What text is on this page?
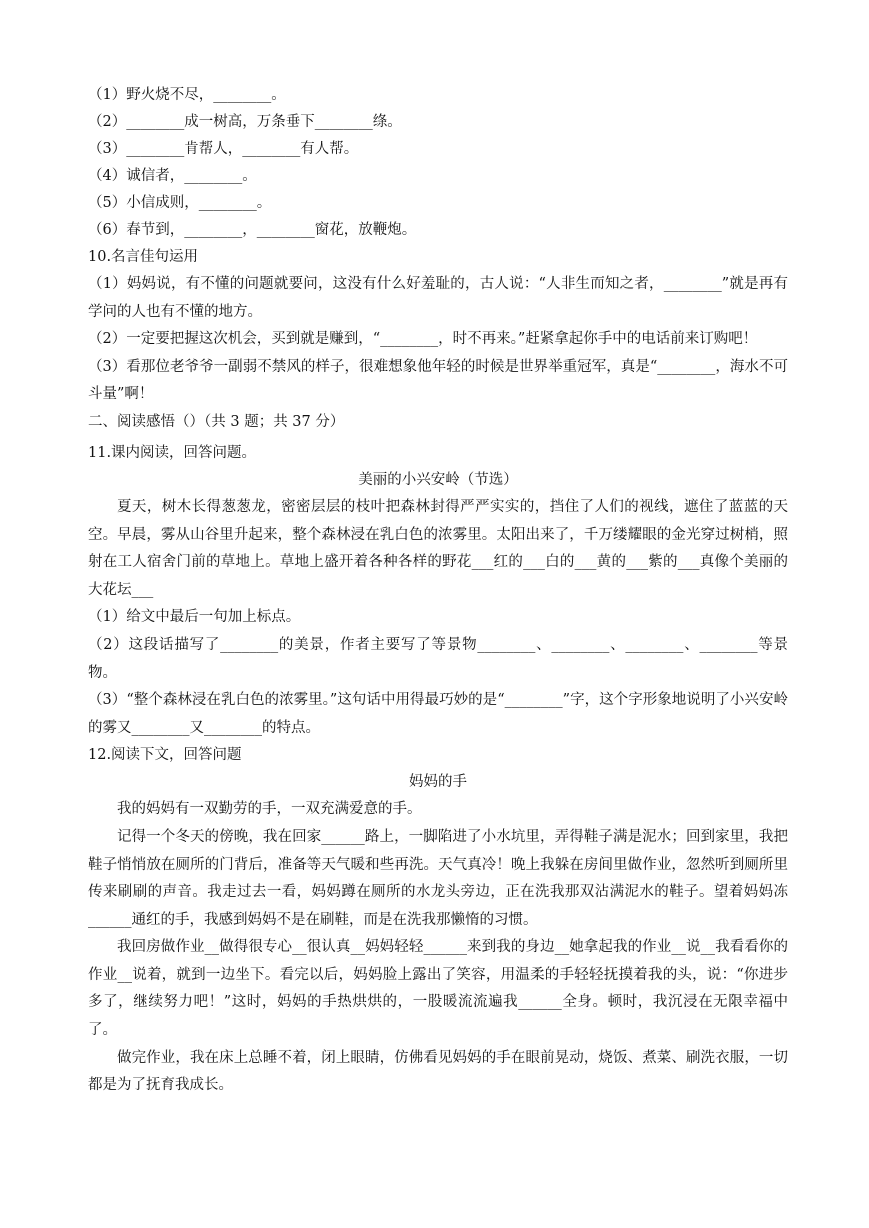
（1）野火烧不尽，________。
（2）________成一树高，万条垂下________绦。
（3）________肯帮人，________有人帮。
（4）诚信者，________。
（5）小信成则，________。
（6）春节到，________，________窗花，放鞭炮。
10.名言佳句运用
（1）妈妈说，有不懂的问题就要问，这没有什么好羞耻的，古人说：“人非生而知之者，________”就是再有学问的人也有不懂的地方。
（2）一定要把握这次机会，买到就是赚到，“________，时不再来。”赶紧拿起你手中的电话前来订购吧！
（3）看那位老爷爷一副弱不禁风的样子，很难想象他年轻的时候是世界举重冠军，真是“________，海水不可斗量”啊！
二、阅读感悟（）（共 3 题；共 37 分）
11.课内阅读，回答问题。
美丽的小兴安岭（节选）
夏天，树木长得葱葱龙，密密层层的枝叶把森林封得严严实实的，挡住了人们的视线，遮住了蓝蓝的天空。早晨，雾从山谷里升起来，整个森林浸在乳白色的浓雾里。太阳出来了，千万缕耀眼的金光穿过树梢，照射在工人宿舍门前的草地上。草地上盛开着各种各样的野花___红的___白的___黄的___紫的___真像个美丽的大花坛___
（1）给文中最后一句加上标点。
（2）这段话描写了________的美景，作者主要写了等景物________、________、________、________等景物。
（3）“整个森林浸在乳白色的浓雾里。”这句话中用得最巧妙的是“________”字，这个字形象地说明了小兴安岭的雾又________又________的特点。
12.阅读下文，回答问题
妈妈的手
我的妈妈有一双勤劳的手，一双充满爱意的手。
记得一个冬天的傍晚，我在回家______路上，一脚陷进了小水坑里，弄得鞋子满是泥水；回到家里，我把鞋子悄悄放在厕所的门背后，准备等天气暖和些再洗。天气真冷！晚上我躲在房间里做作业，忽然听到厕所里传来刷刷的声音。我走过去一看，妈妈蹲在厕所的水龙头旁边，正在洗我那双沾满泥水的鞋子。望着妈妈冻______通红的手，我感到妈妈不是在刷鞋，而是在洗我那懒惰的习惯。
我回房做作业__做得很专心__很认真__妈妈轻轻______来到我的身边__她拿起我的作业__说__我看看你的作业__说着，就到一边坐下。看完以后，妈妈脸上露出了笑容，用温柔的手轻轻抚摸着我的头，说：“你进步多了，继续努力吧！”这时，妈妈的手热烘烘的，一股暖流流遍我______全身。顿时，我沉浸在无限幸福中了。
做完作业，我在床上总睡不着，闭上眼睛，仿佛看见妈妈的手在眼前晃动，烧饭、煮菜、刷洗衣服，一切都是为了抚育我成长。
